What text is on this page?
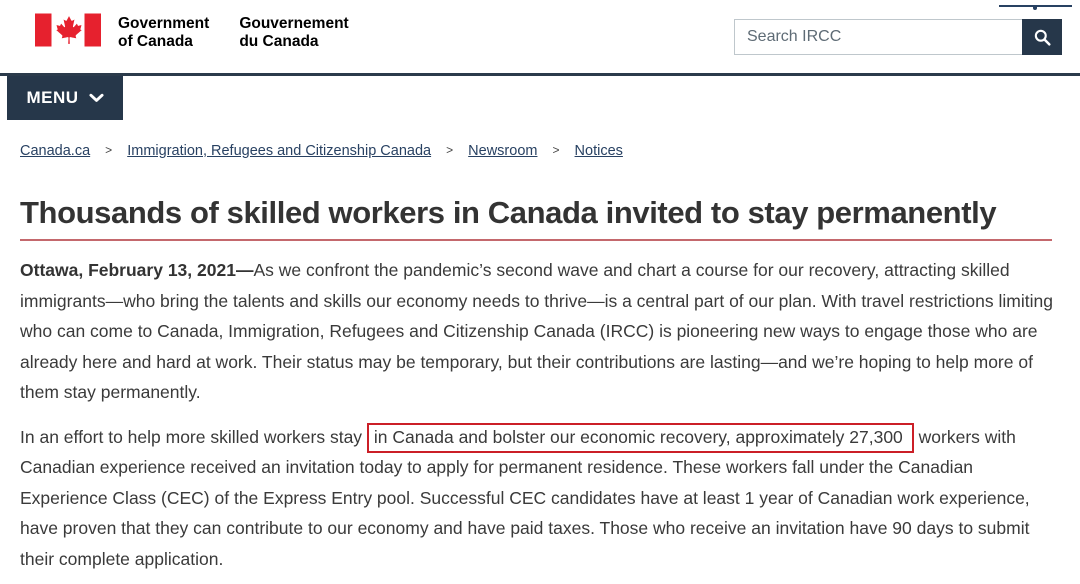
Government
of Canada
Gouvernement
du Canada
Search IRCC
MENU
Canada.ca > Immigration, Refugees and Citizenship Canada > Newsroom > Notices
Thousands of skilled workers in Canada invited to stay permanently

Ottawa, February 13, 2021—As we confront the pandemic’s second wave and chart a course for our recovery, attracting skilled immigrants—who bring the talents and skills our economy needs to thrive—is a central part of our plan. With travel restrictions limiting who can come to Canada, Immigration, Refugees and Citizenship Canada (IRCC) is pioneering new ways to engage those who are already here and hard at work. Their status may be temporary, but their contributions are lasting—and we’re hoping to help more of them stay permanently.

In an effort to help more skilled workers stay in Canada and bolster our economic recovery, approximately 27,300 workers with Canadian experience received an invitation today to apply for permanent residence. These workers fall under the Canadian Experience Class (CEC) of the Express Entry pool. Successful CEC candidates have at least 1 year of Canadian work experience, have proven that they can contribute to our economy and have paid taxes. Those who receive an invitation have 90 days to submit their complete application.
